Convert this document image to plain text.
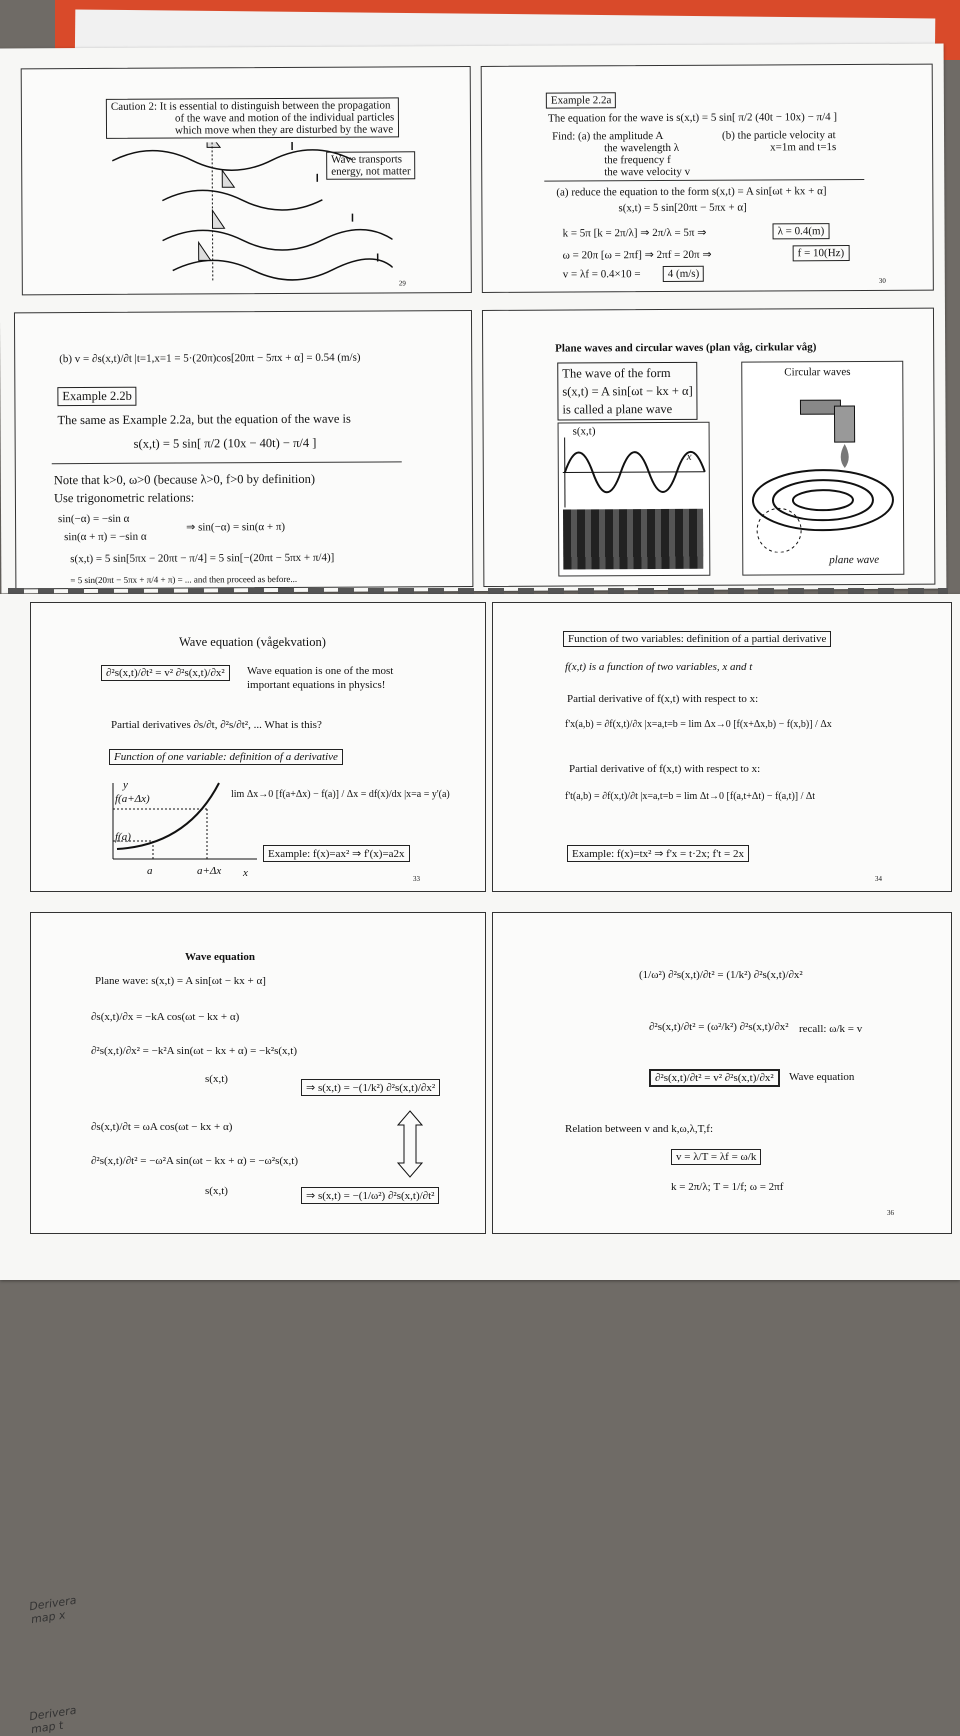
Caution 2: It is essential to distinguish between the propagation
of the wave and motion of the individual particles
which move when they are disturbed by the wave
Wave transports
energy, not matter
29
Example 2.2a
The equation for the wave is s(x,t) = 5 sin[ π/2 (40t − 10x) − π/4 ]
Find: (a) the amplitude A
the wavelength λ
the frequency f
the wave velocity v
(b) the particle velocity at
x=1m and t=1s
(a) reduce the equation to the form s(x,t) = A sin[ωt + kx + α]
s(x,t) = 5 sin[20πt − 5πx + α]
k = 5π [k = 2π/λ] ⇒ 2π/λ = 5π ⇒	λ = 0.4(m)
ω = 20π [ω = 2πf] ⇒ 2πf = 20π ⇒	f = 10(Hz)
v = λf = 0.4×10 =	4 (m/s)
30
(b) v = ∂s(x,t)/∂t |t=1,x=1 = 5·(20π)cos[20πt − 5πx + α] = 0.54 (m/s)
Example 2.2b
The same as Example 2.2a, but the equation of the wave is
s(x,t) = 5 sin[ π/2 (10x − 40t) − π/4 ]
Note that k>0, ω>0 (because λ>0, f>0 by definition)
Use trigonometric relations:
sin(−α) = −sin α
sin(α + π) = −sin α
⇒ sin(−α) = sin(α + π)
s(x,t) = 5 sin[5πx − 20πt − π/4] = 5 sin[−(20πt − 5πx + π/4)]
= 5 sin(20πt − 5πx + π/4 + π) = ... and then proceed as before...
Plane waves and circular waves (plan våg, cirkular våg)
The wave of the form
s(x,t) = A sin[ωt − kx + α]
is called a plane wave
s(x,t)
x
Circular waves
plane wave
Wave equation (vågekvation)
∂²s(x,t)/∂t² = v² ∂²s(x,t)/∂x²	Wave equation is one of the most
important equations in physics!
Partial derivatives ∂s/∂t, ∂²s/∂t², ... What is this?
Function of one variable: definition of a derivative
y
f(a+Δx)
f(a)
a	a+Δx x
lim Δx→0 [f(a+Δx) − f(a)] / Δx = df(x)/dx |x=a = y'(a)
Example: f(x)=ax² ⇒ f'(x)=a2x
33
Function of two variables: definition of a partial derivative
f(x,t) is a function of two variables, x and t
Partial derivative of f(x,t) with respect to x:
f'x(a,b) = ∂f(x,t)/∂x |x=a,t=b = lim Δx→0 [f(x+Δx,b) − f(x,b)] / Δx
Partial derivative of f(x,t) with respect to x:
f't(a,b) = ∂f(x,t)/∂t |x=a,t=b = lim Δt→0 [f(a,t+Δt) − f(a,t)] / Δt
Example: f(x)=tx² ⇒ f'x = t·2x; f't = 2x
34
Wave equation
Plane wave: s(x,t) = A sin[ωt − kx + α]
∂s(x,t)/∂x = −kA cos(ωt − kx + α)
∂²s(x,t)/∂x² = −k²A sin(ωt − kx + α) = −k²s(x,t)
s(x,t)
⇒ s(x,t) = −(1/k²) ∂²s(x,t)/∂x²
∂s(x,t)/∂t = ωA cos(ωt − kx + α)
∂²s(x,t)/∂t² = −ω²A sin(ωt − kx + α) = −ω²s(x,t)
s(x,t)	⇒ s(x,t) = −(1/ω²) ∂²s(x,t)/∂t²
Derivera map x
Derivera map t
(1/ω²) ∂²s(x,t)/∂t² = (1/k²) ∂²s(x,t)/∂x²
∂²s(x,t)/∂t² = (ω²/k²) ∂²s(x,t)/∂x² recall: ω/k = v
∂²s(x,t)/∂t² = v² ∂²s(x,t)/∂x²	Wave equation
Relation between v and k,ω,λ,T,f:
v = λ/T = λf = ω/k
k = 2π/λ; T = 1/f; ω = 2πf
36
